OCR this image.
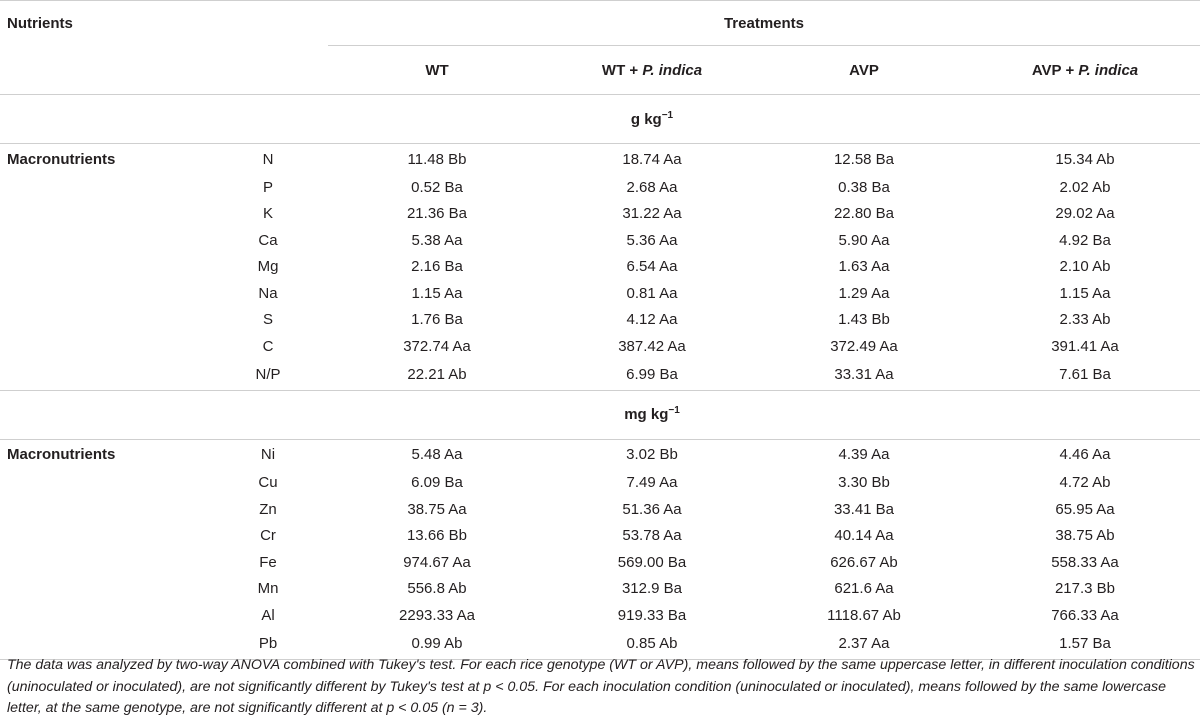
Nutrients		Treatments			
		WT	WT + P. indica	AVP	AVP + P. indica
			g $kg^{-1}$		
Macronutrients	N	11.48 Bb	18.74 Aa	12.58 Ba	15.34 Ab
	P	0.52 Ba	2.68 Aa	0.38 Ba	2.02 Ab
	K	21.36 Ba	31.22 Aa	22.80 Ba	29.02 Aa
	Ca	5.38 Aa	5.36 Aa	5.90 Aa	4.92 Ba
	Mg	2.16 Ba	6.54 Aa	1.63 Aa	2.10 Ab
	Na	1.15 Aa	0.81 Aa	1.29 Aa	1.15 Aa
	S	1.76 Ba	4.12 Aa	1.43 Bb	2.33 Ab
	C	372.74 Aa	387.42 Aa	372.49 Aa	391.41 Aa
	N/P	22.21 Ab	6.99 Ba	33.31 Aa	7.61 Ba
			mg $kg^{-1}$		
Macronutrients	Ni	5.48 Aa	3.02 Bb	4.39 Aa	4.46 Aa
	Cu	6.09 Ba	7.49 Aa	3.30 Bb	4.72 Ab
	Zn	38.75 Aa	51.36 Aa	33.41 Ba	65.95 Aa
	Cr	13.66 Bb	53.78 Aa	40.14 Aa	38.75 Ab
	Fe	974.67 Aa	569.00 Ba	626.67 Ab	558.33 Aa
	Mn	556.8 Ab	312.9 Ba	621.6 Aa	217.3 Bb
	Al	2293.33 Aa	919.33 Ba	1118.67 Ab	766.33 Aa
	Pb	0.99 Ab	0.85 Ab	2.37 Aa	1.57 Ba
The data was analyzed by two-way ANOVA combined with Tukey's test. For each rice genotype (WT or AVP), means followed by the same uppercase letter, in different inoculation conditions (uninoculated or inoculated), are not significantly different by Tukey's test at p < 0.05. For each inoculation condition (uninoculated or inoculated), means followed by the same lowercase letter, at the same genotype, are not significantly different at p < 0.05 (n = 3).
